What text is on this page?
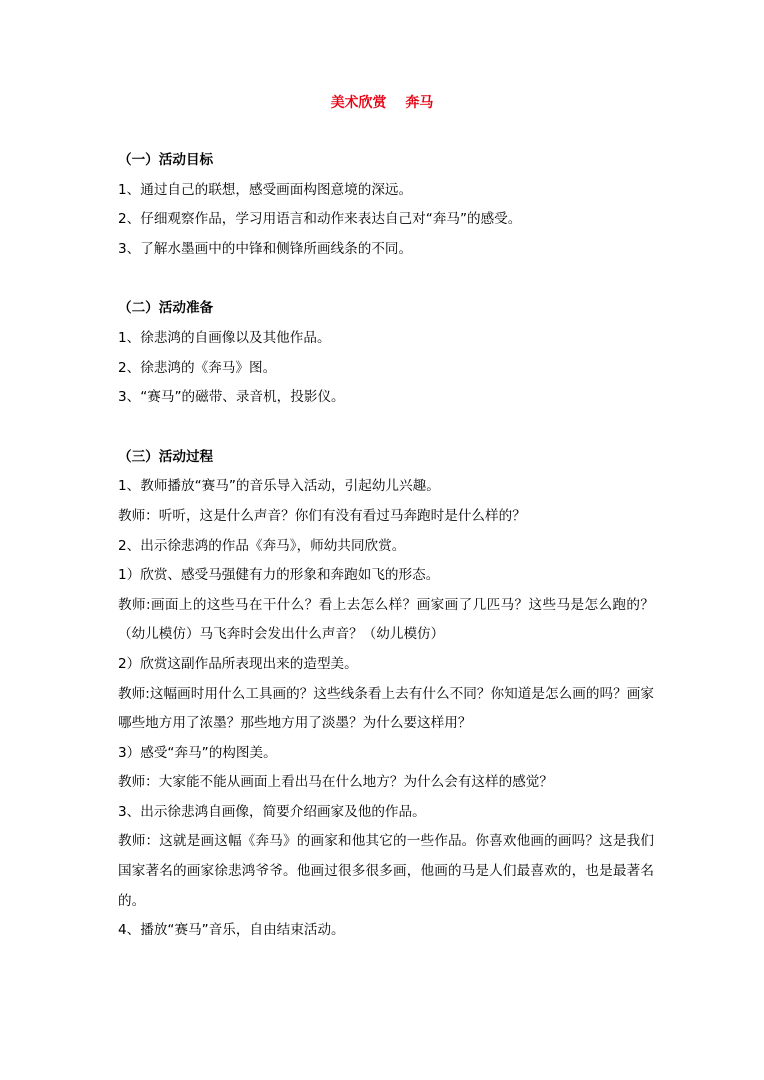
美术欣赏　 奔马

（一）活动目标

1、通过自己的联想，感受画面构图意境的深远。

2、仔细观察作品，学习用语言和动作来表达自己对“奔马”的感受。

3、了解水墨画中的中锋和侧锋所画线条的不同。

（二）活动准备

1、徐悲鸿的自画像以及其他作品。

2、徐悲鸿的《奔马》图。

3、“赛马”的磁带、录音机，投影仪。

（三）活动过程

1、教师播放“赛马”的音乐导入活动，引起幼儿兴趣。

教师：听听，这是什么声音？你们有没有看过马奔跑时是什么样的？

2、出示徐悲鸿的作品《奔马》，师幼共同欣赏。

1）欣赏、感受马强健有力的形象和奔跑如飞的形态。

教师:画面上的这些马在干什么？看上去怎么样？画家画了几匹马？这些马是怎么跑的？（幼儿模仿）马飞奔时会发出什么声音？（幼儿模仿）

2）欣赏这副作品所表现出来的造型美。

教师:这幅画时用什么工具画的？这些线条看上去有什么不同？你知道是怎么画的吗？画家哪些地方用了浓墨？那些地方用了淡墨？为什么要这样用？

3）感受“奔马”的构图美。

教师：大家能不能从画面上看出马在什么地方？为什么会有这样的感觉？

3、出示徐悲鸿自画像，简要介绍画家及他的作品。

教师：这就是画这幅《奔马》的画家和他其它的一些作品。你喜欢他画的画吗？这是我们国家著名的画家徐悲鸿爷爷。他画过很多很多画，他画的马是人们最喜欢的，也是最著名的。

4、播放“赛马”音乐，自由结束活动。
